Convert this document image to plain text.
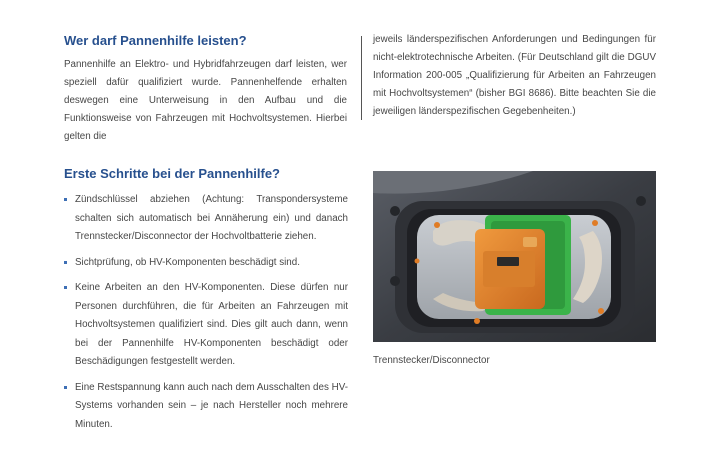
Wer darf Pannenhilfe leisten?

Pannenhilfe an Elektro- und Hybridfahrzeugen darf leisten, wer speziell dafür qualifiziert wurde. Pannenhelfende erhalten deswegen eine Unterweisung in den Aufbau und die Funktionsweise von Fahrzeugen mit Hochvoltsystemen. Hierbei gelten die

jeweils länderspezifischen Anforderungen und Bedingungen für nicht-elektrotechnische Arbeiten. (Für Deutschland gilt die DGUV Information 200-005 „Qualifizierung für Arbeiten an Fahrzeugen mit Hochvoltsystemen“ (bisher BGI 8686). Bitte beachten Sie die jeweiligen länderspezifischen Gegebenheiten.)

Erste Schritte bei der Pannenhilfe?
Zündschlüssel abziehen (Achtung: Transpondersysteme schalten sich automatisch bei Annäherung ein) und danach Trennstecker/Disconnector der Hochvoltbatterie ziehen.
Sichtprüfung, ob HV-Komponenten beschädigt sind.
Keine Arbeiten an den HV-Komponenten. Diese dürfen nur Personen durchführen, die für Arbeiten an Fahrzeugen mit Hochvoltsystemen qualifiziert sind. Dies gilt auch dann, wenn bei der Pannenhilfe HV-Komponenten beschädigt oder Beschädigungen festgestellt werden.
Eine Restspannung kann auch nach dem Ausschalten des HV-Systems vorhanden sein – je nach Hersteller noch mehrere Minuten.
Trennstecker/Disconnector
